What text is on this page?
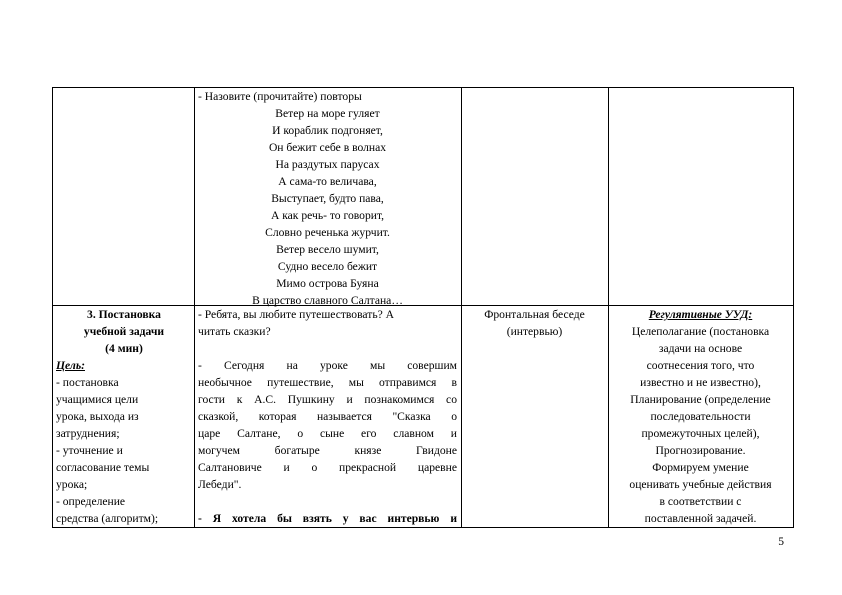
- Назовите (прочитайте) повторы
Ветер на море гуляет
И кораблик подгоняет,
Он бежит себе в волнах
На раздутых парусах
А сама-то величава,
Выступает, будто пава,
А как речь- то говорит,
Словно реченька журчит.
Ветер весело шумит,
Судно весело бежит
Мимо острова Буяна
В царство славного Салтана…
3. Постановка
учебной задачи
(4 мин)
Цель:
- постановка
учащимися цели
урока, выхода из
затруднения;
- уточнение и
согласование темы
урока;
- определение
средства (алгоритм);
- Ребята, вы любите путешествовать? А
читать сказки?
- Сегодня на уроке мы совершим
необычное путешествие, мы отправимся в
гости к А.С. Пушкину и познакомимся со
сказкой, которая называется "Сказка о
царе Салтане, о сыне его славном и
могучем богатыре князе Гвидоне
Салтановиче и о прекрасной царевне
Лебеди".
- Я хотела бы взять у вас интервью и
Фронтальная беседе
(интервью)
Регулятивные УУД:
Целеполагание (постановка
задачи на основе
соотнесения того, что
известно и не известно),
Планирование (определение
последовательности
промежуточных целей),
Прогнозирование.
Формируем умение
оценивать учебные действия
в соответствии с
поставленной задачей.
5
